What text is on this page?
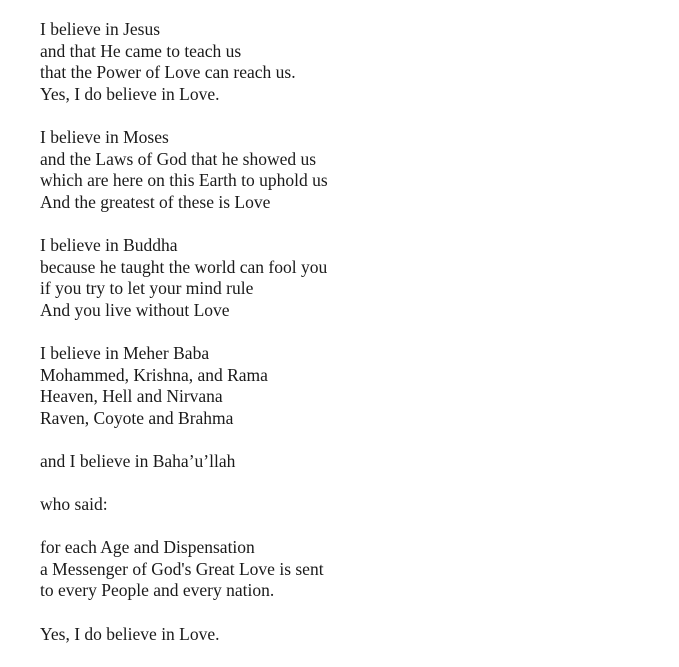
I believe in Jesus
and that He came to teach us
that the Power of Love can reach us.
Yes, I do believe in Love.
I believe in Moses
and the Laws of God that he showed us
which are here on this Earth to uphold us
And the greatest of these is Love
I believe in Buddha
because he taught the world can fool you
if you try to let your mind rule
And you live without Love
I believe in Meher Baba
Mohammed, Krishna, and Rama
Heaven, Hell and Nirvana
Raven, Coyote and Brahma
and I believe in Baha’u’llah
who said:
for each Age and Dispensation
a Messenger of God's Great Love is sent
to every People and every nation.
Yes, I do believe in Love.
